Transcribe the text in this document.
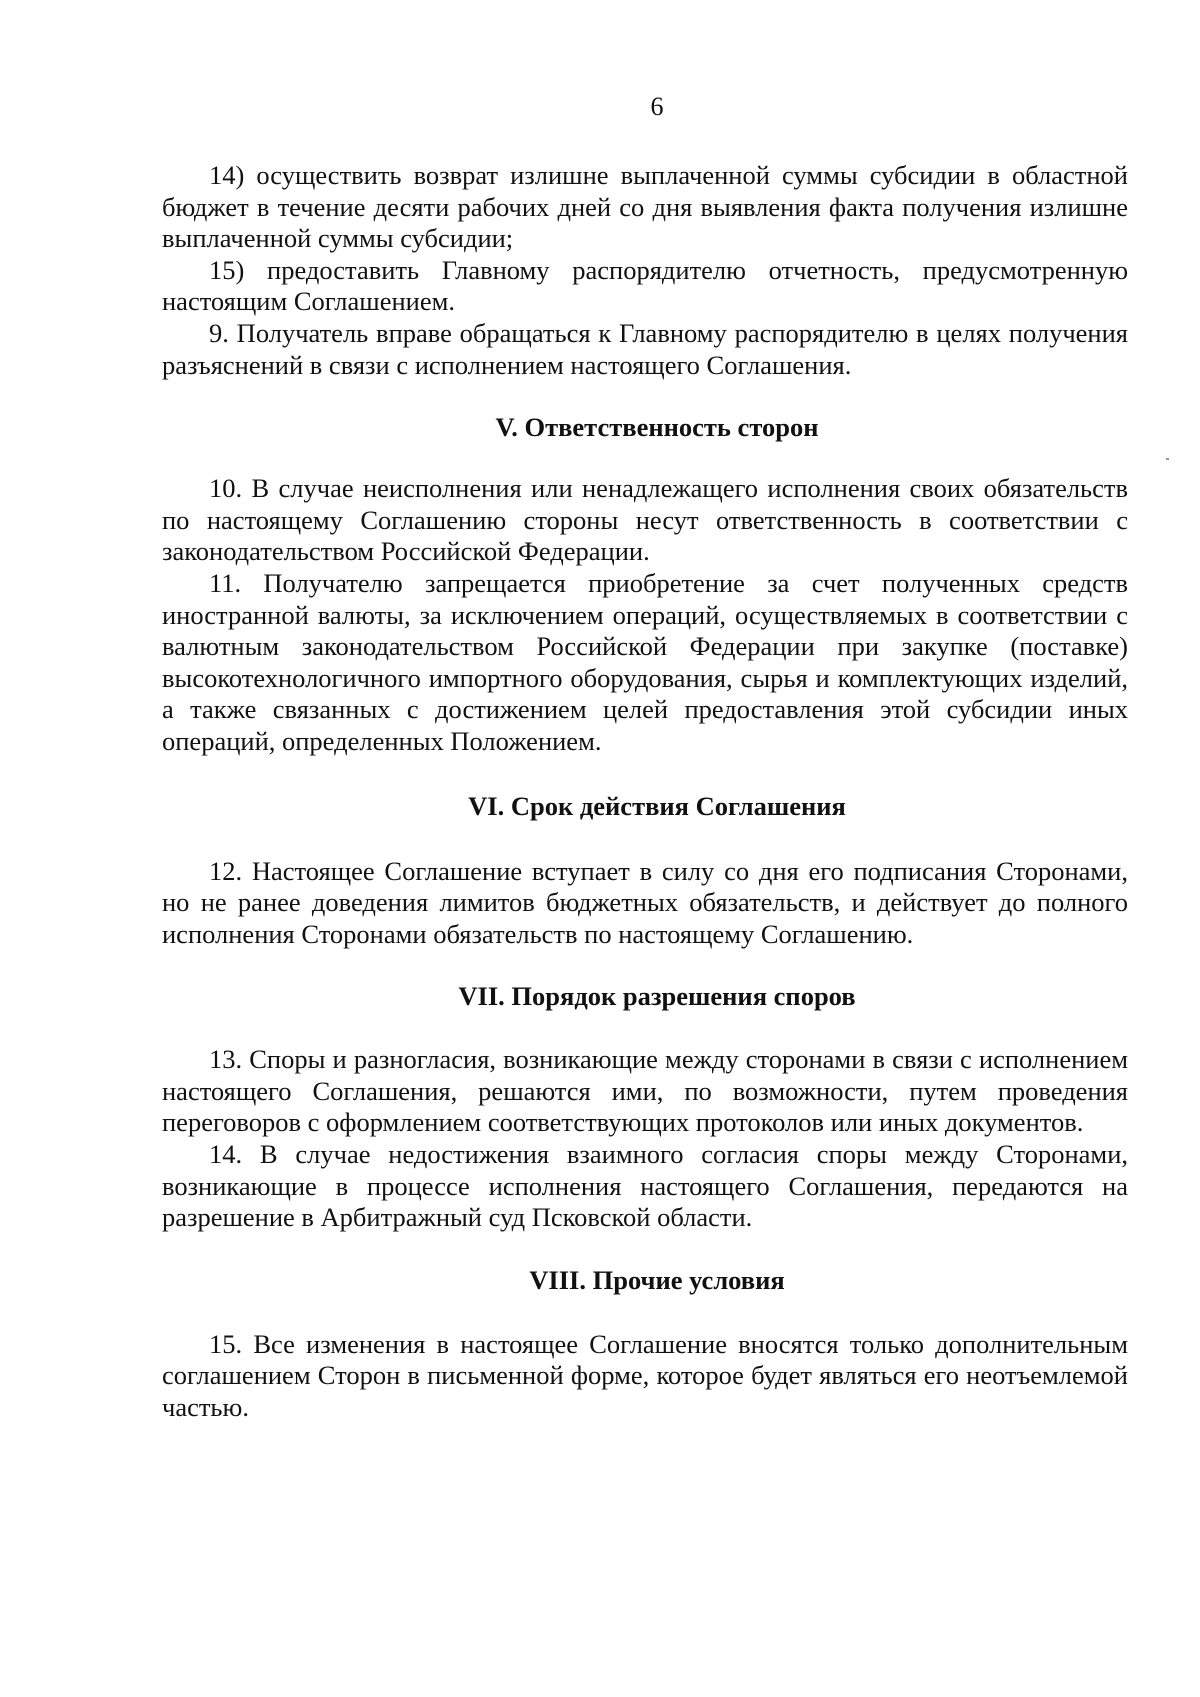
6

14) осуществить возврат излишне выплаченной суммы субсидии в областной бюджет в течение десяти рабочих дней со дня выявления факта получения излишне выплаченной суммы субсидии;

15) предоставить Главному распорядителю отчетность, предусмотренную настоящим Соглашением.

9. Получатель вправе обращаться к Главному распорядителю в целях получения разъяснений в связи с исполнением настоящего Соглашения.

V. Ответственность сторон

10. В случае неисполнения или ненадлежащего исполнения своих обязательств по настоящему Соглашению стороны несут ответственность в соответствии с законодательством Российской Федерации.

11. Получателю запрещается приобретение за счет полученных средств иностранной валюты, за исключением операций, осуществляемых в соответствии с валютным законодательством Российской Федерации при закупке (поставке) высокотехнологичного импортного оборудования, сырья и комплектующих изделий, а также связанных с достижением целей предоставления этой субсидии иных операций, определенных Положением.

VI. Срок действия Соглашения

12. Настоящее Соглашение вступает в силу со дня его подписания Сторонами, но не ранее доведения лимитов бюджетных обязательств, и действует до полного исполнения Сторонами обязательств по настоящему Соглашению.

VII. Порядок разрешения споров

13. Споры и разногласия, возникающие между сторонами в связи с исполнением настоящего Соглашения, решаются ими, по возможности, путем проведения переговоров с оформлением соответствующих протоколов или иных документов.

14. В случае недостижения взаимного согласия споры между Сторонами, возникающие в процессе исполнения настоящего Соглашения, передаются на разрешение в Арбитражный суд Псковской области.

VIII. Прочие условия

15. Все изменения в настоящее Соглашение вносятся только дополнительным соглашением Сторон в письменной форме, которое будет являться его неотъемлемой частью.
